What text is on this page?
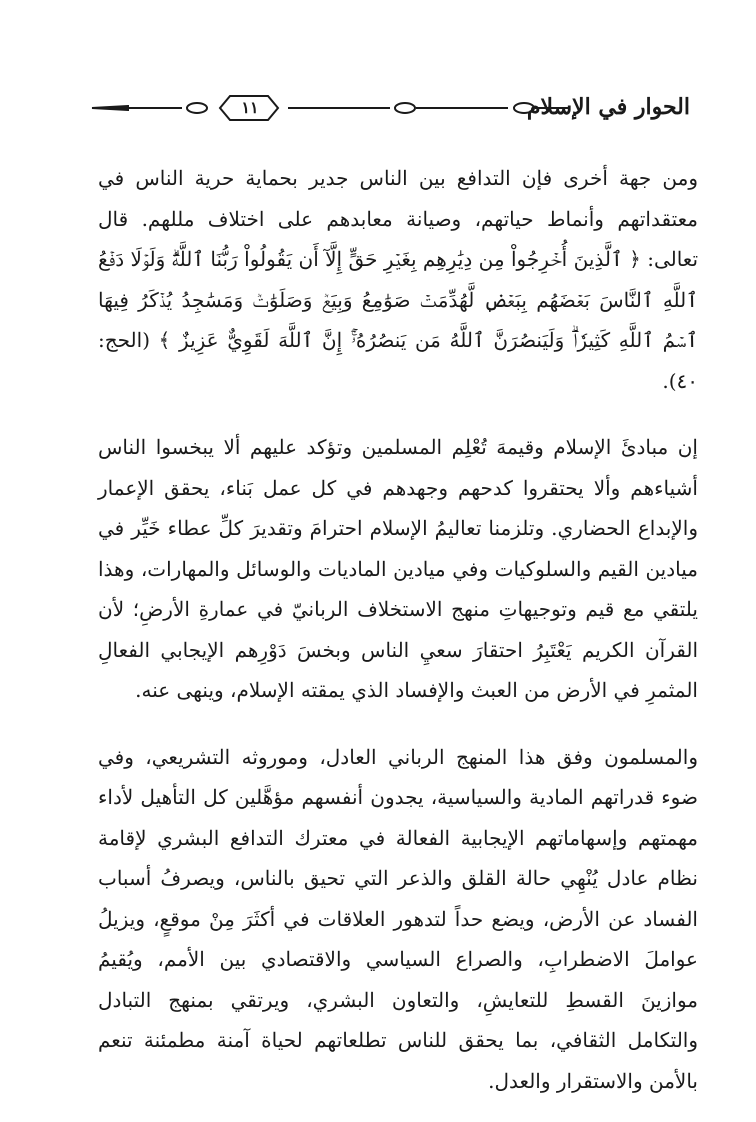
الحوار في الإسلام
١١

ومن جهة أخرى فإن التدافع بين الناس جدير بحماية حرية الناس في معتقداتهم وأنماط حياتهم، وصيانة معابدهم على اختلاف مللهم. قال تعالى: ﴿ ٱلَّذِينَ أُخۡرِجُواْ مِن دِيَٰرِهِم بِغَيۡرِ حَقٍّ إِلَّآ أَن يَقُولُواْ رَبُّنَا ٱللَّهُۗ وَلَوۡلَا دَفۡعُ ٱللَّهِ ٱلنَّاسَ بَعۡضَهُم بِبَعۡضٖ لَّهُدِّمَتۡ صَوَٰمِعُ وَبِيَعٞ وَصَلَوَٰتٞ وَمَسَٰجِدُ يُذۡكَرُ فِيهَا ٱسۡمُ ٱللَّهِ كَثِيرٗاۗ وَلَيَنصُرَنَّ ٱللَّهُ مَن يَنصُرُهُۥٓۚ إِنَّ ٱللَّهَ لَقَوِيٌّ عَزِيزٌ ﴾ (الحج: ٤٠).

إن مبادئَ الإسلام وقيمهَ تُعْلِم المسلمين وتؤكد عليهم ألا يبخسوا الناس أشياءهم وألا يحتقروا كدحهم وجهدهم في كل عمل بَناء، يحقق الإعمار والإبداع الحضاري. وتلزمنا تعاليمُ الإسلام احترامَ وتقديرَ كلِّ عطاء خَيِّر في ميادين القيم والسلوكيات وفي ميادين الماديات والوسائل والمهارات، وهذا يلتقي مع قيم وتوجيهاتِ منهج الاستخلاف الربانيّ في عمارةِ الأرضِ؛ لأن القرآن الكريم يَعْتَبِرُ احتقارَ سعيِ الناس وبخسَ دَوْرِهم الإيجابي الفعالِ المثمرِ في الأرض من العبث والإفساد الذي يمقته الإسلام، وينهى عنه.

والمسلمون وفق هذا المنهج الرباني العادل، وموروثه التشريعي، وفي ضوء قدراتهم المادية والسياسية، يجدون أنفسهم مؤهَّلين كل التأهيل لأداء مهمتهم وإسهاماتهم الإيجابية الفعالة في معترك التدافع البشري لإقامة نظام عادل يُنْهِي حالة القلق والذعر التي تحيق بالناس، ويصرفُ أسباب الفساد عن الأرض، ويضع حداً لتدهور العلاقات في أكثَرَ مِنْ موقعٍ، ويزيلُ عواملَ الاضطرابِ، والصراع السياسي والاقتصادي بين الأمم، ويُقيمُ موازينَ القسطِ للتعايشِ، والتعاون البشري، ويرتقي بمنهج التبادل والتكامل الثقافي، بما يحقق للناس تطلعاتهم لحياة آمنة مطمئنة تنعم بالأمن والاستقرار والعدل.
